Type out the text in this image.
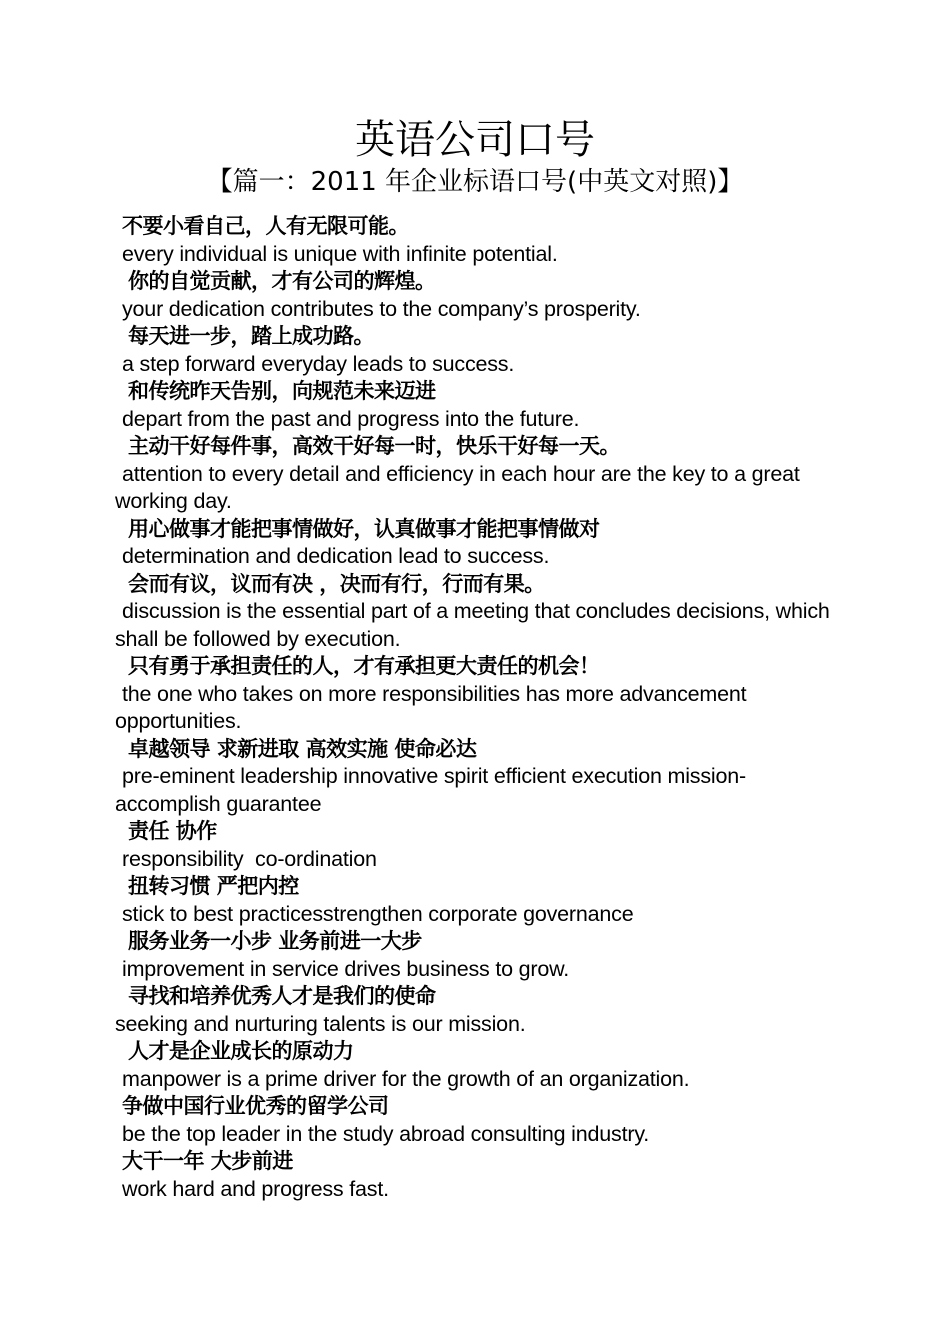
英语公司口号
【篇一：2011 年企业标语口号(中英文对照)】
不要小看自己，人有无限可能。
every individual is unique with infinite potential.
你的自觉贡献，才有公司的辉煌。
your dedication contributes to the company’s prosperity.
每天进一步，踏上成功路。
a step forward everyday leads to success.
和传统昨天告别，向规范未来迈进
depart from the past and progress into the future.
主动干好每件事，高效干好每一时，快乐干好每一天。
attention to every detail and efficiency in each hour are the key to a great working day.
用心做事才能把事情做好，认真做事才能把事情做对
determination and dedication lead to success.
会而有议，议而有决 ，决而有行，行而有果。
discussion is the essential part of a meeting that concludes decisions, which shall be followed by execution.
只有勇于承担责任的人，才有承担更大责任的机会！
the one who takes on more responsibilities has more advancement opportunities.
卓越领导 求新进取 高效实施 使命必达
pre-eminent leadership innovative spirit efficient execution mission-accomplish guarantee
责任 协作
responsibility  co-ordination
扭转习惯 严把内控
stick to best practicesstrengthen corporate governance
服务业务一小步 业务前进一大步
improvement in service drives business to grow.
寻找和培养优秀人才是我们的使命
seeking and nurturing talents is our mission.
人才是企业成长的原动力
manpower is a prime driver for the growth of an organization.
争做中国行业优秀的留学公司
be the top leader in the study abroad consulting industry.
大干一年 大步前进
work hard and progress fast.
